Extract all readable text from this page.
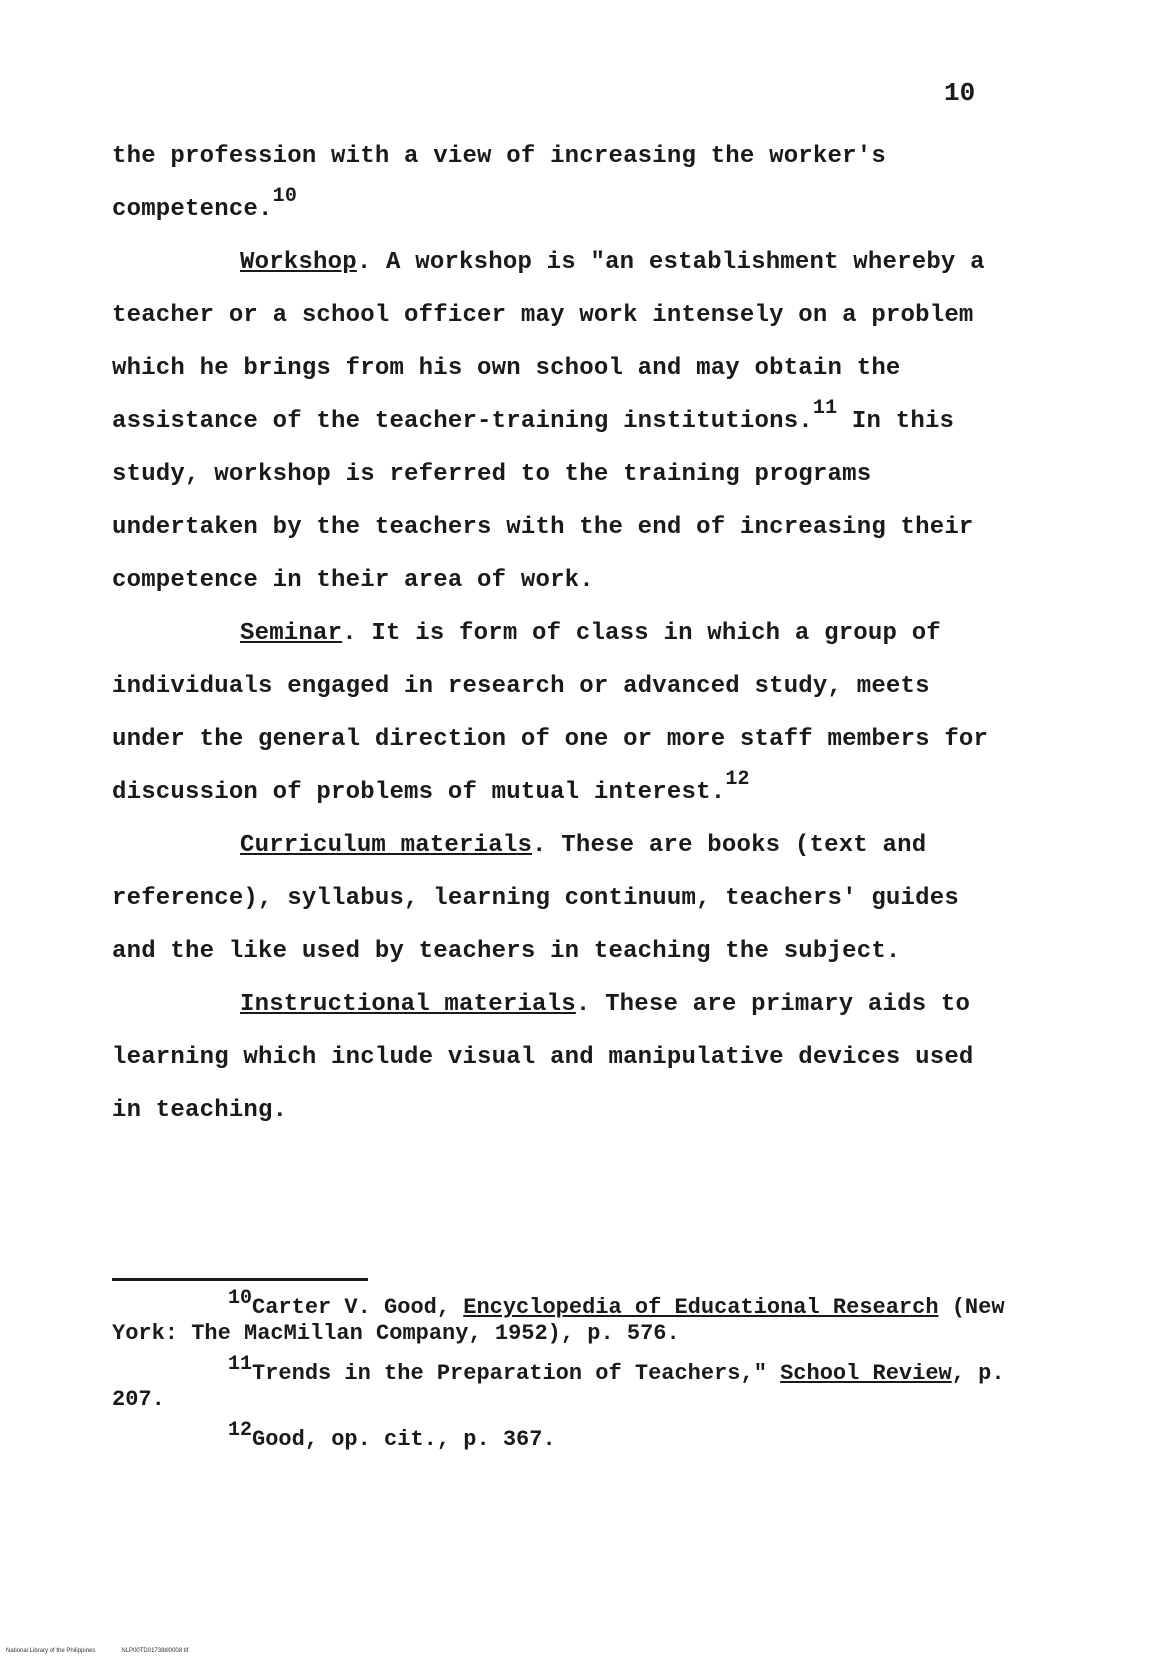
10

the profession with a view of increasing the worker's
competence.$^{10}$

Workshop. A workshop is "an establishment whereby a teacher or a school officer may work intensely on a problem which he brings from his own school and may obtain the assistance of the teacher-training institutions.$^{11}$ In this study, workshop is referred to the training programs undertaken by the teachers with the end of increasing their competence in their area of work.

Seminar. It is form of class in which a group of individuals engaged in research or advanced study, meets under the general direction of one or more staff members for discussion of problems of mutual interest.$^{12}$

Curriculum materials. These are books (text and reference), syllabus, learning continuum, teachers' guides and the like used by teachers in teaching the subject.

Instructional materials. These are primary aids to learning which include visual and manipulative devices used in teaching.

10Carter V. Good, Encyclopedia of Educational Research (New York: The MacMillan Company, 1952), p. 576.

11Trends in the Preparation of Teachers," School Review, p. 207.

12Good, op. cit., p. 367.

National Library of the Philippines	NLP00TD01738til0008 tif
